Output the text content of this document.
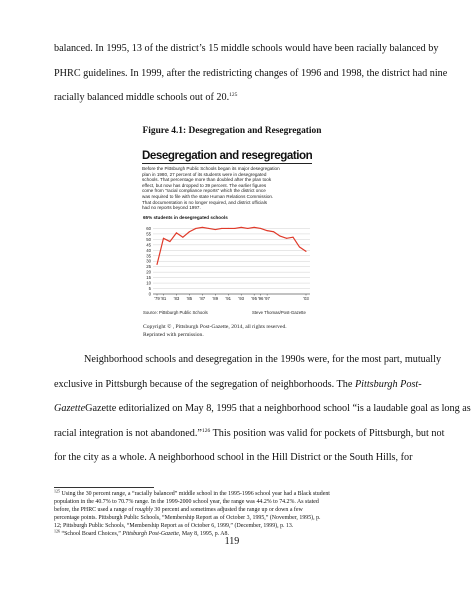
balanced. In 1995, 13 of the district’s 15 middle schools would have been racially balanced by
PHRC guidelines. In 1999, after the redistricting changes of 1996 and 1998, the district had nine
racially balanced middle schools out of 20.$^{125}$

Figure 4.1: Desegregation and Resegregation

Desegregation and resegregation

Before the Pittsburgh Public Schools began its major desegregation
plan in 1980, 27 percent of its students were in desegregated
schools. That percentage more than doubled after the plan took
effect, but now has dropped to 39 percent. The earlier figures
come from "racial compliance reports" which the district once
was required to file with the state Human Relations Commission.
That documentation is no longer required, and district officials
had no reports beyond 1997.

65% students in desegregated schools
0
5
10
15
20
25
30
35
40
45
50
55
60
'79 '81 '83 '85 '87 '89 '91 '93 '95 '96 '97	'03
Source: Pittsburgh Public Schools	Steve Thomas/Post-Gazette

Copyright © , Pittsburgh Post-Gazette, 2014, all rights reserved.
Reprinted with permission.

Neighborhood schools and desegregation in the 1990s were, for the most part, mutually
exclusive in Pittsburgh because of the segregation of neighborhoods. The Pittsburgh Post-
GazetteGazette editorialized on May 8, 1995 that a neighborhood school “is a laudable goal as long as
racial integration is not abandoned.”$^{126}$ This position was valid for pockets of Pittsburgh, but not
for the city as a whole. A neighborhood school in the Hill District or the South Hills, for

$^{125}$ Using the 30 percent range, a “racially balanced” middle school in the 1995-1996 school year had a Black student
population in the 40.7% to 70.7% range. In the 1999-2000 school year, the range was 44.2% to 74.2%. As stated
before, the PHRC used a range of roughly 30 percent and sometimes adjusted the range up or down a few
percentage points. Pittsburgh Public Schools, “Membership Report as of October 3, 1995,” (November, 1995), p.
12; Pittsburgh Public Schools, “Membership Report as of October 6, 1999,” (December, 1999), p. 13.
$^{126}$ “School Board Choices,” Pittsburgh Post-Gazette, May 8, 1995, p. A8.
119
